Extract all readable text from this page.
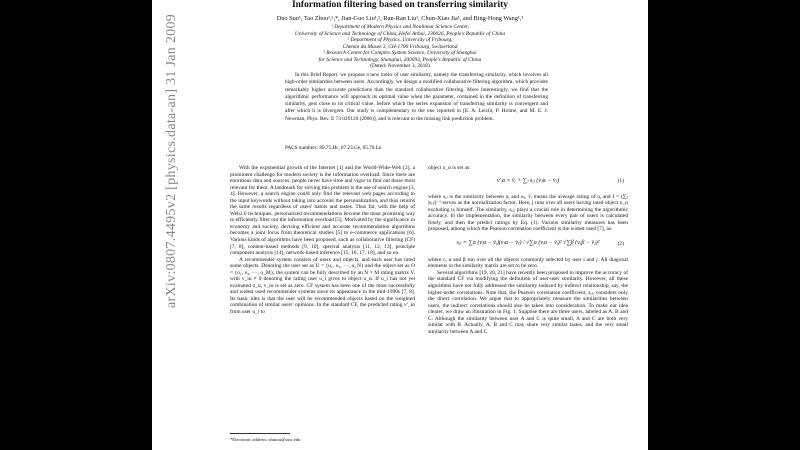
arXiv:0807.4495v2 [physics.data-an] 31 Jan 2009
Information filtering based on transferring similarity
Duo Sun¹, Tao Zhou¹,²,*, Jian-Guo Liu¹,², Run-Ran Liu¹, Chun-Xiao Jia¹, and Bing-Hong Wang¹,³
¹ Department of Modern Physics and Nonlinear Science Center,
University of Science and Technology of China, Hefei Anhui, 230026, People's Republic of China
² Department of Physics, University of Fribourg,
Chemin du Musee 3, CH-1700 Fribourg, Switzerland
³ Research Center for Complex System Science, University of Shanghai
for Science and Technology, Shanghai, 200093, People's Republic of China
(Dated: November 3, 2018)
In this Brief Report, we propose a new index of user similarity, namely the transferring similarity, which involves all high-order similarities between users. Accordingly, we design a modified collaborative filtering algorithm, which provides remarkably higher accurate predictions than the standard collaborative filtering. More interestingly, we find that the algorithmic performance will approach its optimal value when the parameter, contained in the definition of transferring similarity, gets close to its critical value, before which the series expansion of transferring similarity is convergent and after which it is divergent. Our study is complementary to the one reported in [E. A. Leicht, P. Holme, and M. E. J. Newman, Phys. Rev. E 73 026120 (2006)], and is relevant to the missing link prediction problem.
PACS numbers: 89.75.Hc, 87.23.Ge, 05.70.Ln

With the exponential growth of the Internet [1] and the World-Wide-Web [2], a prominent challenge for modern society is the information overload. Since there are enormous data and sources, people never have time and vigor to find out those most relevant for them. A landmark for solving this problem is the use of search engine [3, 4]. However, a search engine could only find the relevant web pages according to the input keywords without taking into account the personalization, and thus returns the same results regardless of users' habits and tastes. Thus far, with the help of Web2.0 techniques, personalized recommendations become the most promising way to efficiently filter out the information overload [5]. Motivated by the significance in economy and society, devising efficient and accurate recommendation algorithms becomes a joint focus from theoretical studies [5] to e-commerce applications [6]. Various kinds of algorithms have been proposed, such as collaborative filtering (CF) [7, 8], content-based methods [9, 10], spectral analysis [11, 12, 13], principle component analysis [14], network-based inference [15, 16, 17, 18], and so on.

A recommender system consists of users and objects, and each user has rated some objects. Denoting the user set as U = {u₁, u₂, ···, u_N} and the object set as O = {o₁, o₂, ···, o_M}, the system can be fully described by an N × M rating matrix V, with v_iα ≠ 0 denoting the rating user u_i gives to object o_α. If u_i has not yet evaluated o_α, v_iα is set as zero. CF system has been one of the most successfully and widest used recommender systems since its appearance in the mid-1990s [7, 8]. Its basic idea is that the user will be recommended objects based on the weighted combination of similar users' opinions. In the standard CF, the predicted rating v′_iα from user u_i to

object o_α is set as:

v′ᵢα = v̄ᵢ + ∑ⱼ sᵢⱼ (vⱼα − v̄ⱼ)	(1)

where sᵢⱼ is the similarity between uᵢ and uⱼ, v̄ᵢ means the average rating of uᵢ and I = (∑ⱼ |sᵢⱼ|)⁻¹ serves as the normalization factor. Here, j runs over all users having rated object o_α excluding uᵢ himself. The similarity, sᵢⱼ, plays a crucial role in determining the algorithmic accuracy. In the implementation, the similarity between every pair of users is calculated firstly, and then the predict ratings by Eq. (1). Various similarity measures has been proposed, among which the Pearson correlation coefficient is the widest used [7], as:

sᵢⱼ = ∑α (vᵢα − v̄ᵢ)(vⱼα − v̄ⱼ) / √∑α (vᵢα − v̄ᵢ)² √∑β (vⱼβ − v̄ⱼ)²	(2)

where c, α and β run over all the objects commonly selected by user i and j. All diagonal elements in the similarity matrix are set to be zero.

Several algorithms [19, 20, 21] have recently been proposed to improve the accuracy of the standard CF via modifying the definition of user-user similarity. However, all these algorithms have not fully addressed the similarity induced by indirect relationship, say, the higher-order correlations. Note that, the Pearson correlation coefficient, sᵢⱼ, considers only the direct correlation. We argue that to appropriately measure the similarities between users, the indirect correlations should also be taken into consideration. To make our idea clearer, we draw an illustration in Fig. 1. Suppose there are three users, labeled as A, B and C. Although the similarity between user A and C is quite small, A and C are both very similar with B. Actually, A, B and C may share very similar tastes, and the very small similarity between A and C

*Electronic address: zhutou@ustc.edu
